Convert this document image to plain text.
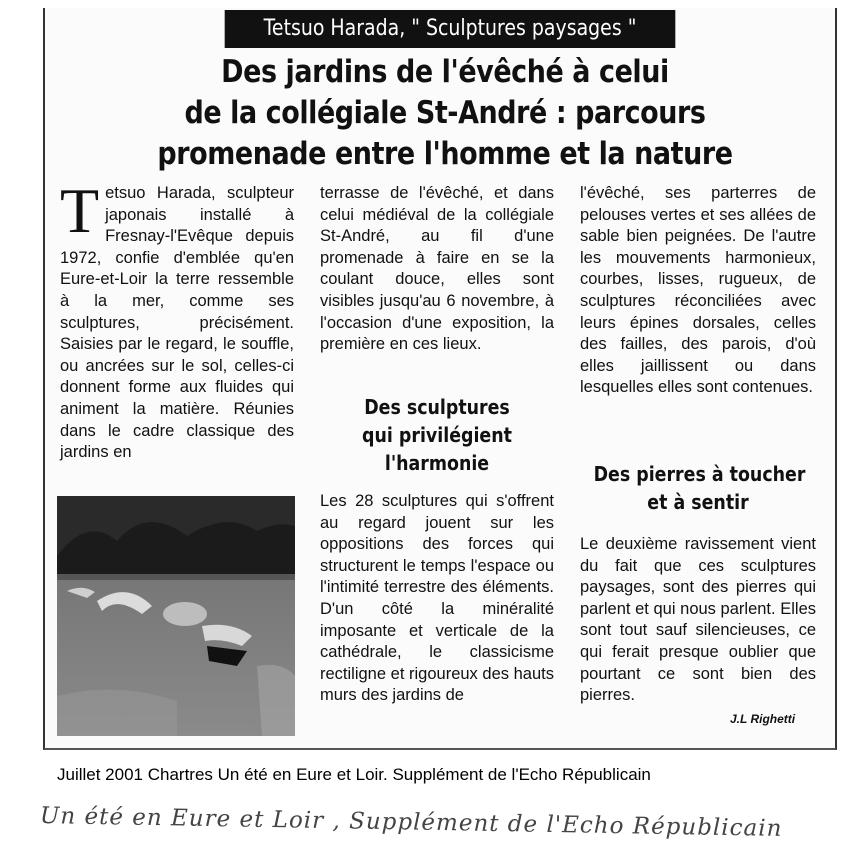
Tetsuo Harada, " Sculptures paysages "
Des jardins de l'évêché à celui
de la collégiale St-André : parcours
promenade entre l'homme et la nature

T etsuo Harada, sculpteur japonais installé à Fresnay-l'Evêque depuis 1972, confie d'emblée qu'en Eure-et-Loir la terre ressemble à la mer, comme ses sculptures, précisément. Saisies par le regard, le souffle, ou ancrées sur le sol, celles-ci donnent forme aux fluides qui animent la matière. Réunies dans le cadre classique des jardins en

terrasse de l'évêché, et dans celui médiéval de la collégiale St-André, au fil d'une promenade à faire en se la coulant douce, elles sont visibles jusqu'au 6 novembre, à l'occasion d'une exposition, la première en ces lieux.

Des sculptures
qui privilégient
l'harmonie

Les 28 sculptures qui s'offrent au regard jouent sur les oppositions des forces qui structurent le temps l'espace ou l'intimité terrestre des éléments. D'un côté la minéralité imposante et verticale de la cathédrale, le classicisme rectiligne et rigoureux des hauts murs des jardins de

l'évêché, ses parterres de pelouses vertes et ses allées de sable bien peignées. De l'autre les mouvements harmonieux, courbes, lisses, rugueux, de sculptures réconciliées avec leurs épines dorsales, celles des failles, des parois, d'où elles jaillissent ou dans lesquelles elles sont contenues.

Des pierres à toucher
et à sentir

Le deuxième ravissement vient du fait que ces sculptures paysages, sont des pierres qui parlent et qui nous parlent. Elles sont tout sauf silencieuses, ce qui ferait presque oublier que pourtant ce sont bien des pierres.

J.L Righetti
Juillet 2001 Chartres Un été en Eure et Loir. Supplément de l'Echo Républicain
Un été en Eure et Loir , Supplément de l'Echo Républicain
